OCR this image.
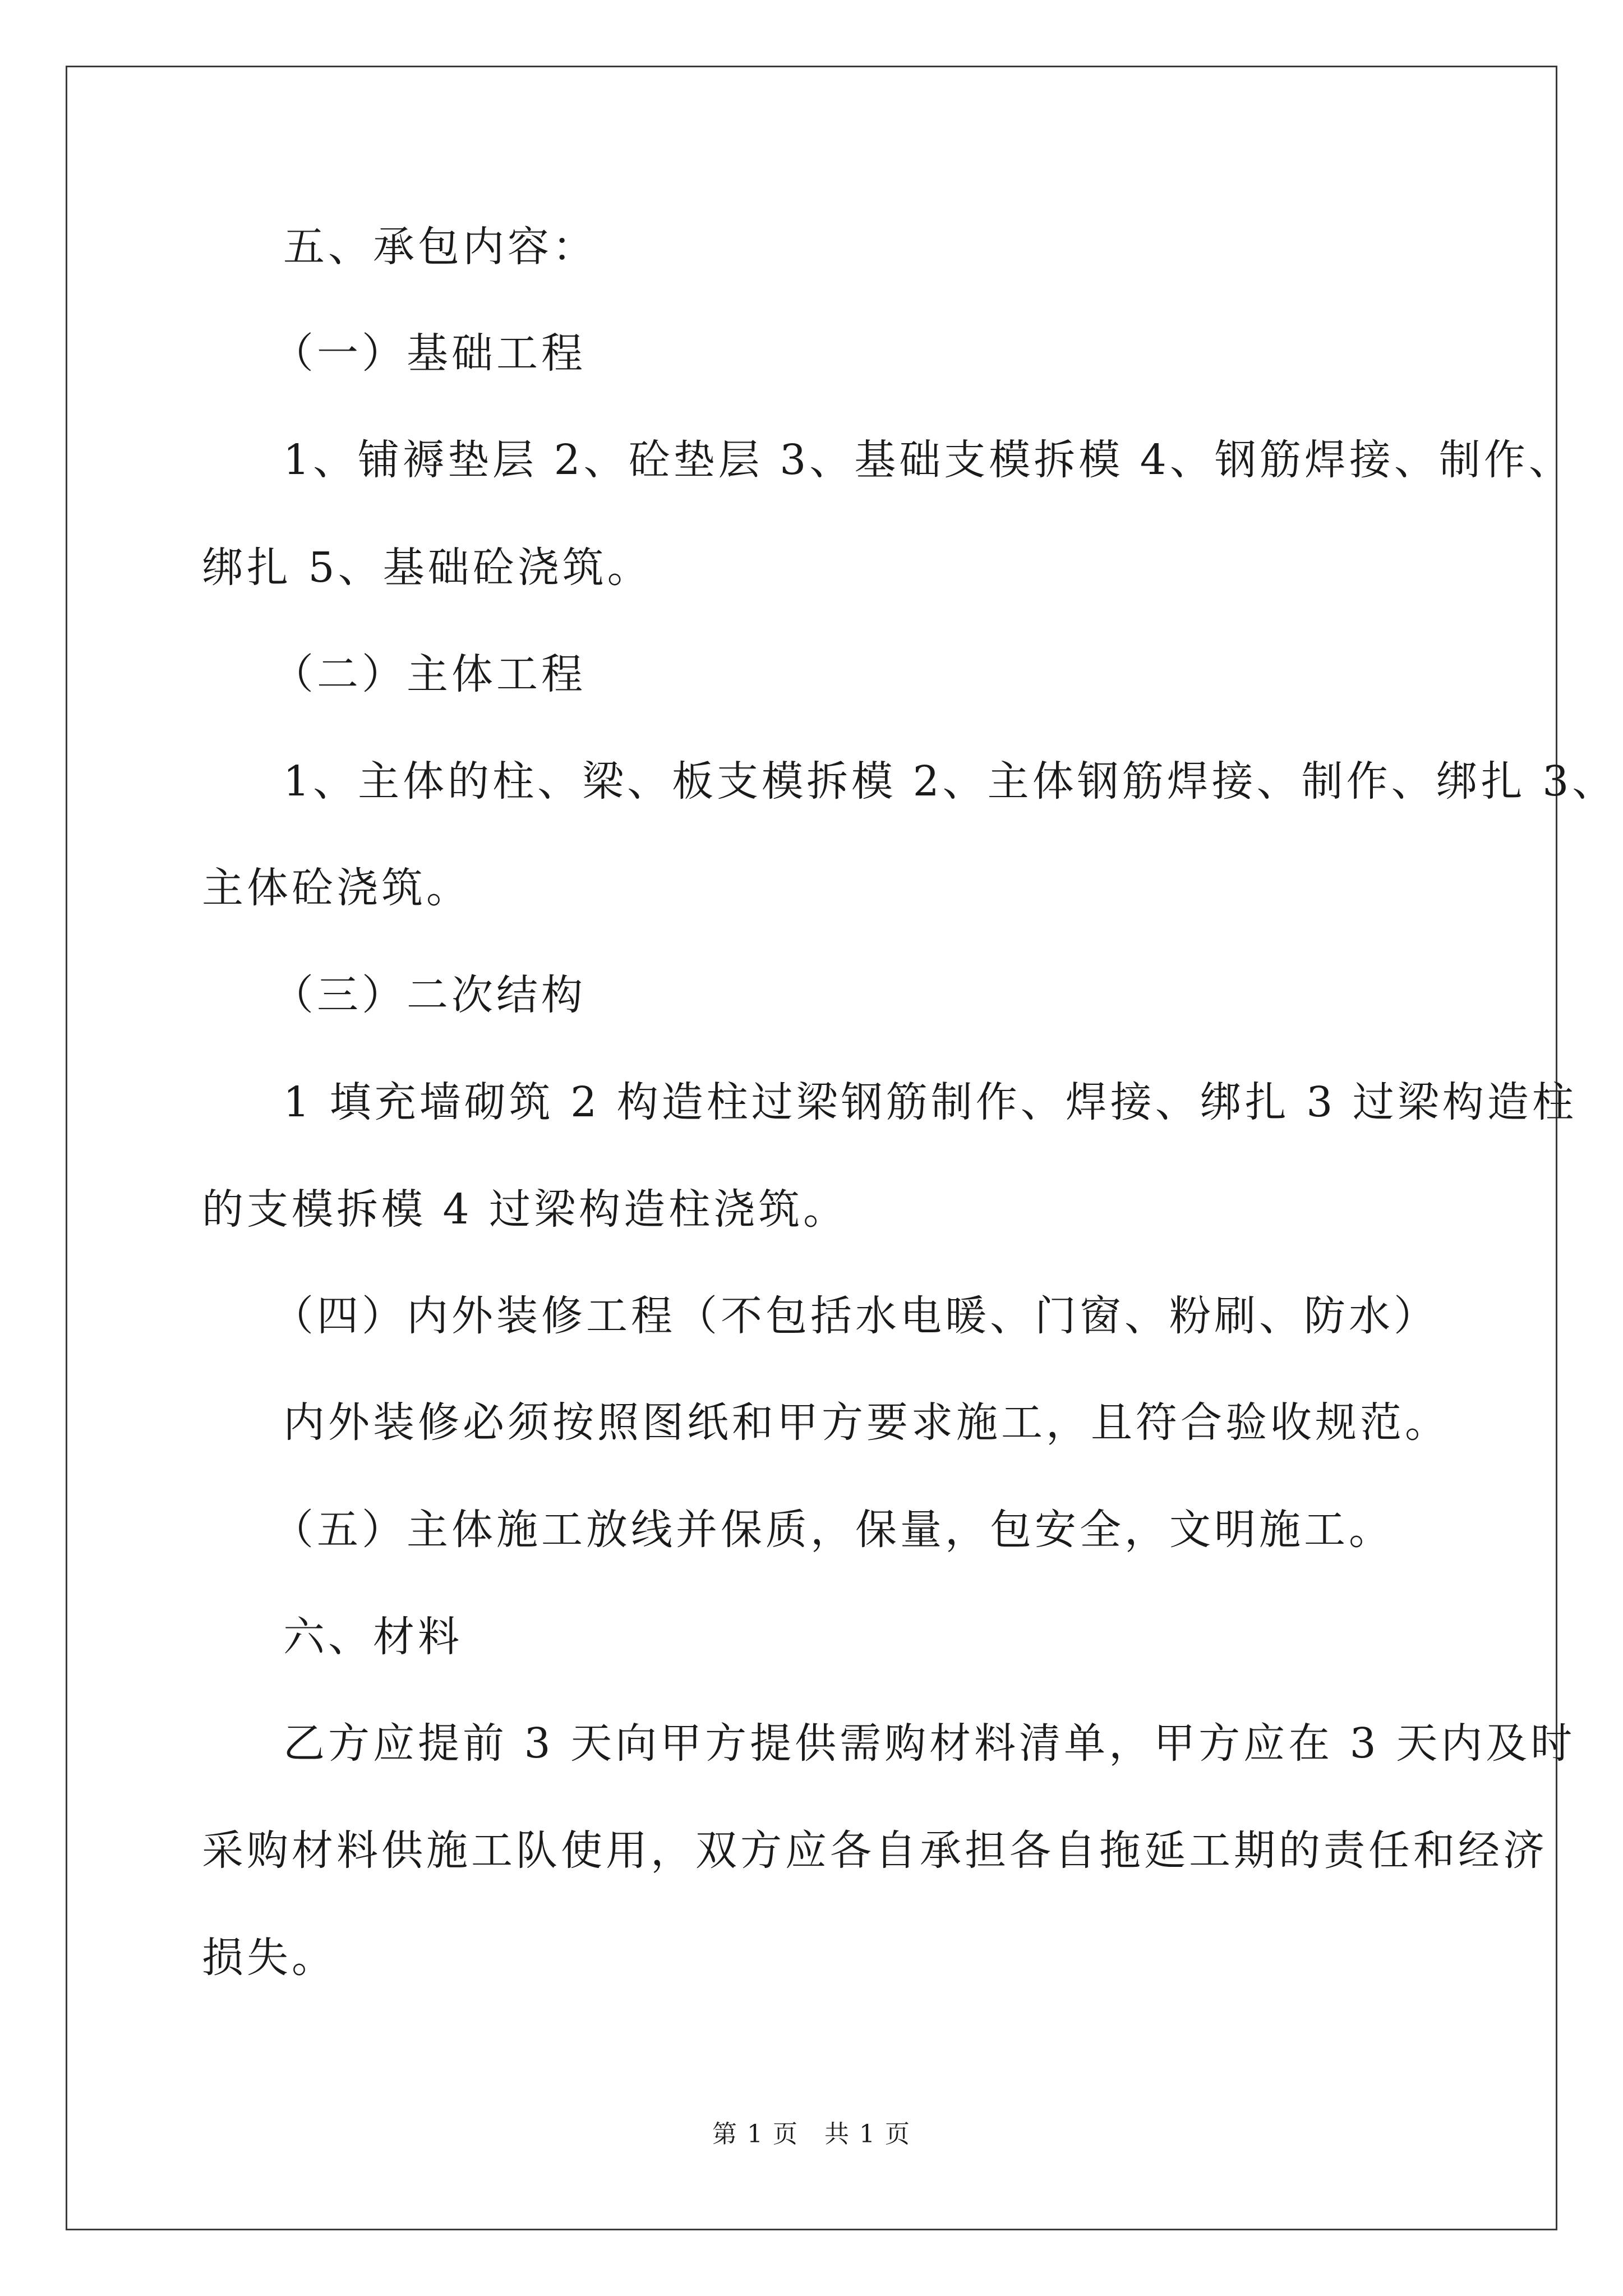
五、承包内容：
（一）基础工程
1、铺褥垫层 2、砼垫层 3、基础支模拆模 4、钢筋焊接、制作、
绑扎 5、基础砼浇筑。
（二）主体工程
1、主体的柱、梁、板支模拆模 2、主体钢筋焊接、制作、绑扎 3、
主体砼浇筑。
（三）二次结构
1 填充墙砌筑 2 构造柱过梁钢筋制作、焊接、绑扎 3 过梁构造柱
的支模拆模 4 过梁构造柱浇筑。
（四）内外装修工程（不包括水电暖、门窗、粉刷、防水）
内外装修必须按照图纸和甲方要求施工，且符合验收规范。
（五）主体施工放线并保质，保量，包安全，文明施工。
六、材料
乙方应提前 3 天向甲方提供需购材料清单，甲方应在 3 天内及时
采购材料供施工队使用，双方应各自承担各自拖延工期的责任和经济
损失。
第 1 页　共 1 页
